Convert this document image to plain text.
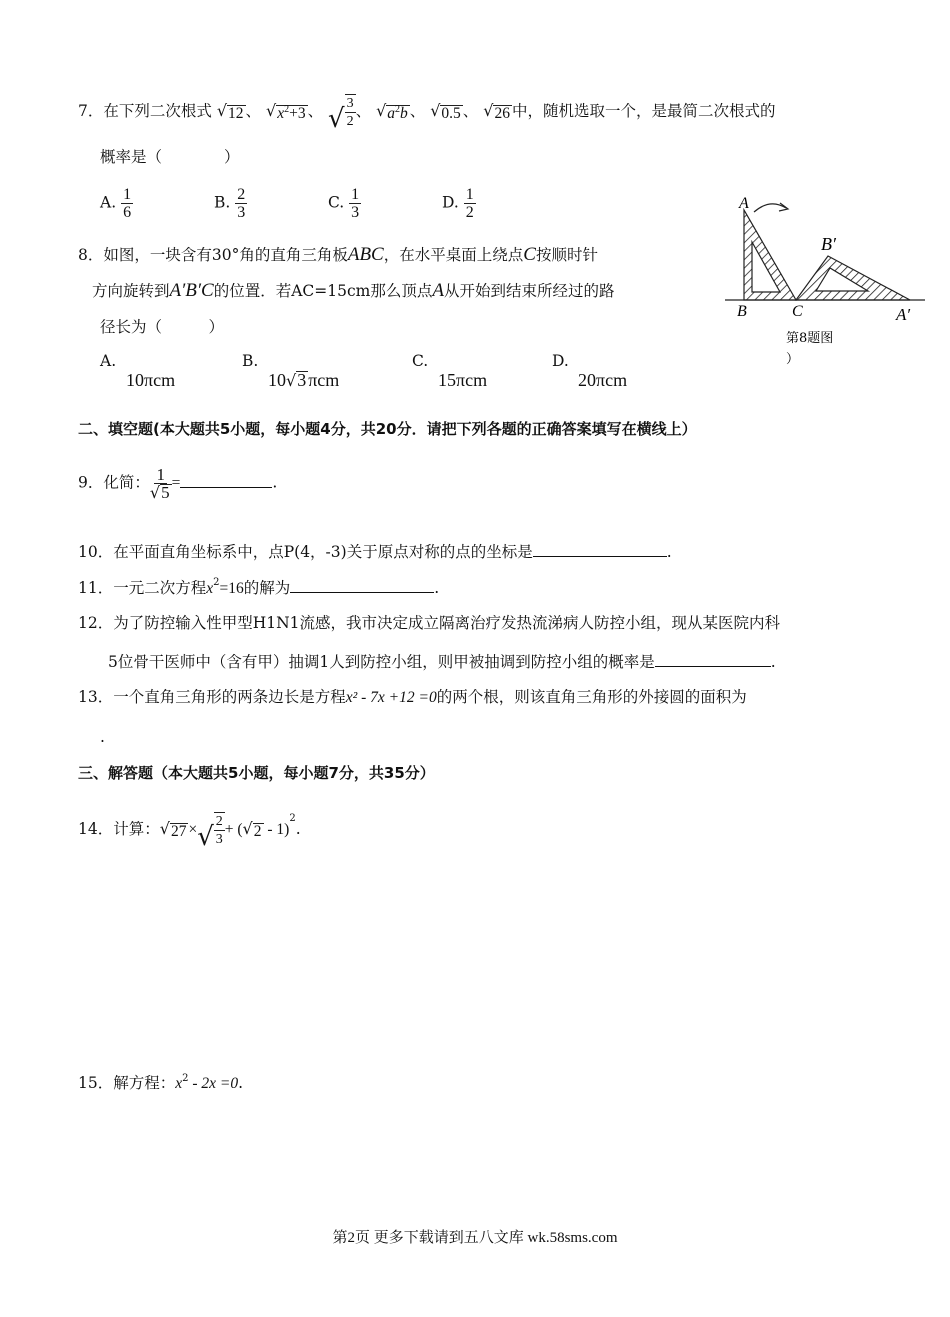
7．在下列二次根式 √ 12 、 √ $x^2+3$ 、 √ $\frac{3}{2}$ 、 √ $a^2b$ 、 √ 0.5 、 √ 26 中，随机选取一个，是最简二次根式的
概率是（　　　　）
A. $\frac{1}{6}$	B. $\frac{2}{3}$	C. $\frac{1}{3}$	D. $\frac{1}{2}$
8．如图，一块含有30°角的直角三角板ABC，在水平桌面上绕点C按顺时针
方向旋转到A′B′C的位置．若AC=15cm那么顶点A从开始到结束所经过的路
径长为（　　　）
A.
10πcm
B.
10√3 πcm
C.
15πcm
D.
20πcm
A
B	C
B′
A′
第8题图
）
二、填空题(本大题共5小题，每小题4分，共20分．请把下列各题的正确答案填写在横线上）
9．化简： $\frac{1}{√ 5}$ =	.
10．在平面直角坐标系中，点P(4，-3)关于原点对称的点的坐标是	.
11．一元二次方程$x^2=16$的解为	.
12．为了防控输入性甲型H1N1流感，我市决定成立隔离治疗发热流涕病人防控小组，现从某医院内科
5位骨干医师中（含有甲）抽调1人到防控小组，则甲被抽调到防控小组的概率是	.
13．一个直角三角形的两条边长是方程x² - 7x +12 =0的两个根，则该直角三角形的外接圆的面积为
.
三、解答题（本大题共5小题，每小题7分，共35分）
14．计算： √ 27 × √ $\frac{2}{3}$ + ( √ 2 - 1)$^2$.
15．解方程：$x^2 - 2x =0$.
第2页 更多下载请到五八文库 wk.58sms.com
